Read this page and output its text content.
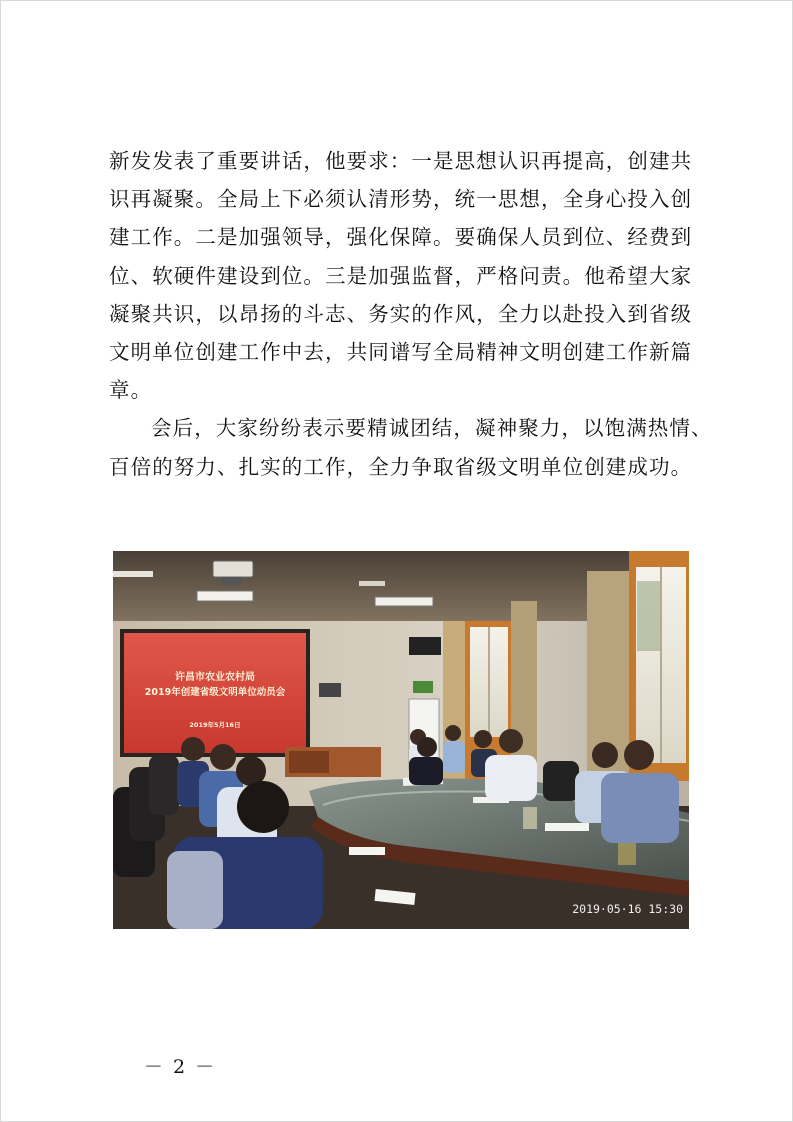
新发发表了重要讲话，他要求：一是思想认识再提高，创建共

识再凝聚。全局上下必须认清形势，统一思想，全身心投入创

建工作。二是加强领导，强化保障。要确保人员到位、经费到

位、软硬件建设到位。三是加强监督，严格问责。他希望大家

凝聚共识，以昂扬的斗志、务实的作风，全力以赴投入到省级

文明单位创建工作中去，共同谱写全局精神文明创建工作新篇

章。

会后，大家纷纷表示要精诚团结，凝神聚力，以饱满热情、

百倍的努力、扎实的工作，全力争取省级文明单位创建成功。

许昌市农业农村局
2019年创建省级文明单位动员会
2019年5月16日
2019·05·16 15:30
－ 2 －
